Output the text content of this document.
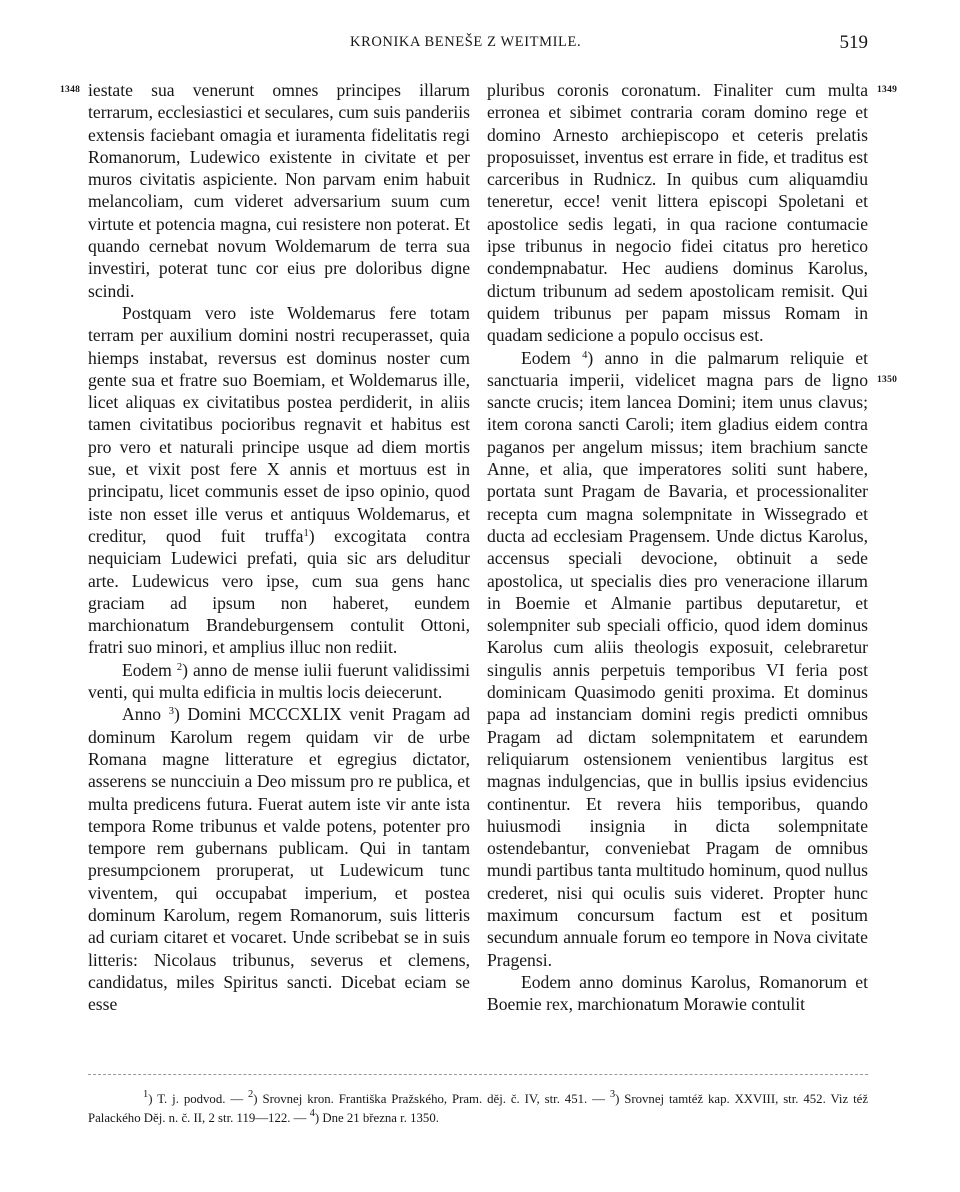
KRONIKA BENEŠE Z WEITMILE.	519
1348	1349
1350

iestate sua venerunt omnes principes illarum terrarum, ecclesiastici et seculares, cum suis panderiis extensis faciebant omagia et iuramenta fidelitatis regi Romanorum, Ludewico existente in civitate et per muros civitatis aspiciente. Non parvam enim habuit melancoliam, cum videret adversarium suum cum virtute et potencia magna, cui resistere non poterat. Et quando cernebat novum Woldemarum de terra sua investiri, poterat tunc cor eius pre doloribus digne scindi.

Postquam vero iste Woldemarus fere totam terram per auxilium domini nostri recuperasset, quia hiemps instabat, reversus est dominus noster cum gente sua et fratre suo Boemiam, et Woldemarus ille, licet aliquas ex civitatibus postea perdiderit, in aliis tamen civitatibus pocioribus regnavit et habitus est pro vero et naturali principe usque ad diem mortis sue, et vixit post fere X annis et mortuus est in principatu, licet communis esset de ipso opinio, quod iste non esset ille verus et antiquus Woldemarus, et creditur, quod fuit truffa$^1$) excogitata contra nequiciam Ludewici prefati, quia sic ars deluditur arte. Ludewicus vero ipse, cum sua gens hanc graciam ad ipsum non haberet, eundem marchionatum Brandeburgensem contulit Ottoni, fratri suo minori, et amplius illuc non rediit.

Eodem $^2$) anno de mense iulii fuerunt validissimi venti, qui multa edificia in multis locis deiecerunt.

Anno $^3$) Domini MCCCXLIX venit Pragam ad dominum Karolum regem quidam vir de urbe Romana magne litterature et egregius dictator, asserens se nuncciuin a Deo missum pro re publica, et multa predicens futura. Fuerat autem iste vir ante ista tempora Rome tribunus et valde potens, potenter pro tempore rem gubernans publicam. Qui in tantam presumpcionem proruperat, ut Ludewicum tunc viventem, qui occupabat imperium, et postea dominum Karolum, regem Romanorum, suis litteris ad curiam citaret et vocaret. Unde scribebat se in suis litteris: Nicolaus tribunus, severus et clemens, candidatus, miles Spiritus sancti. Dicebat eciam se esse

pluribus coronis coronatum. Finaliter cum multa erronea et sibimet contraria coram domino rege et domino Arnesto archiepiscopo et ceteris prelatis proposuisset, inventus est errare in fide, et traditus est carceribus in Rudnicz. In quibus cum aliquamdiu teneretur, ecce! venit littera episcopi Spoletani et apostolice sedis legati, in qua racione contumacie ipse tribunus in negocio fidei citatus pro heretico condempnabatur. Hec audiens dominus Karolus, dictum tribunum ad sedem apostolicam remisit. Qui quidem tribunus per papam missus Romam in quadam sedicione a populo occisus est.

Eodem $^4$) anno in die palmarum reliquie et sanctuaria imperii, videlicet magna pars de ligno sancte crucis; item lancea Domini; item unus clavus; item corona sancti Caroli; item gladius eidem contra paganos per angelum missus; item brachium sancte Anne, et alia, que imperatores soliti sunt habere, portata sunt Pragam de Bavaria, et processionaliter recepta cum magna solempnitate in Wissegrado et ducta ad ecclesiam Pragensem. Unde dictus Karolus, accensus speciali devocione, obtinuit a sede apostolica, ut specialis dies pro veneracione illarum in Boemie et Almanie partibus deputaretur, et solempniter sub speciali officio, quod idem dominus Karolus cum aliis theologis exposuit, celebraretur singulis annis perpetuis temporibus VI feria post dominicam Quasimodo geniti proxima. Et dominus papa ad instanciam domini regis predicti omnibus Pragam ad dictam solempnitatem et earundem reliquiarum ostensionem venientibus largitus est magnas indulgencias, que in bullis ipsius evidencius continentur. Et revera hiis temporibus, quando huiusmodi insignia in dicta solempnitate ostendebantur, conveniebat Pragam de omnibus mundi partibus tanta multitudo hominum, quod nullus crederet, nisi qui oculis suis videret. Propter hunc maximum concursum factum est et positum secundum annuale forum eo tempore in Nova civitate Pragensi.

Eodem anno dominus Karolus, Romanorum et Boemie rex, marchionatum Morawie contulit

$^1$) T. j. podvod. — $^2$) Srovnej kron. Františka Pražského, Pram. děj. č. IV, str. 451. — $^3$) Srovnej tamtéž kap. XXVIII, str. 452. Viz též Palackého Děj. n. č. II, 2 str. 119—122. — $^4$) Dne 21 března r. 1350.
